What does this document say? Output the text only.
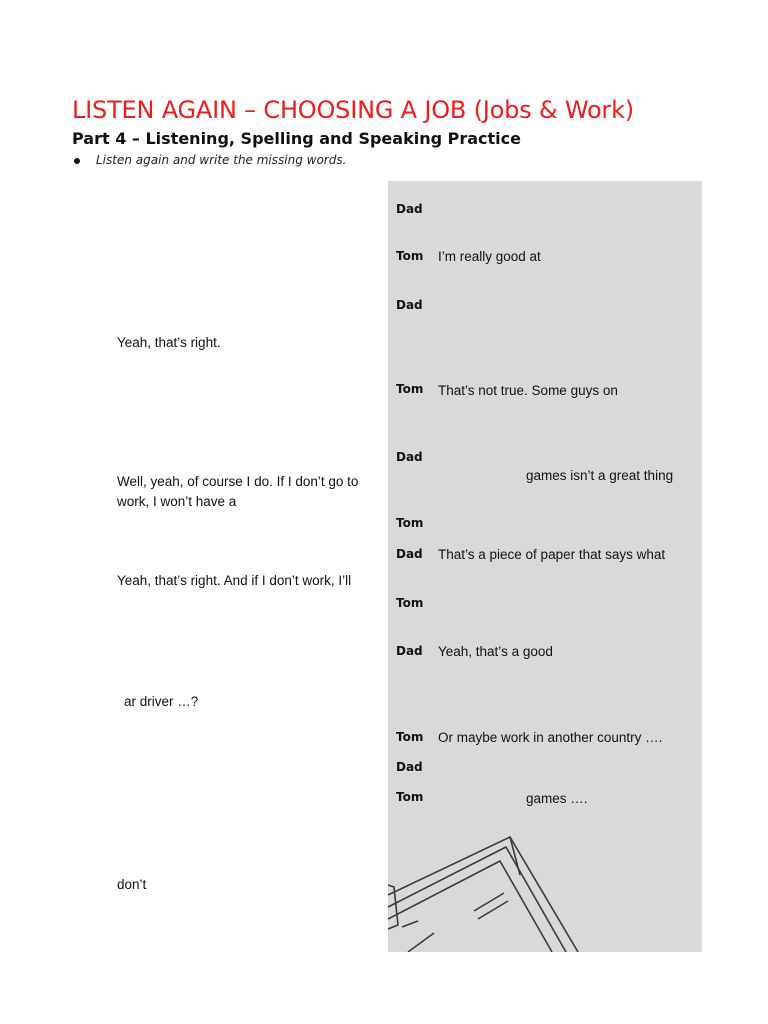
LISTEN AGAIN – CHOOSING A JOB (Jobs & Work)
Part 4 – Listening, Spelling and Speaking Practice
Listen again and write the missing words.
Yeah, that’s right.
Well, yeah, of course I do. If I don’t go to
work, I won’t have a
Yeah, that’s right. And if I don’t work, I’ll
ar driver …?
don’t
Dad
Tom
Dad
Tom
Dad
Tom
Dad
Tom
Dad
Tom
Dad
Tom
I’m really good at
That’s not true. Some guys on
games isn’t a great thing
That’s a piece of paper that says what
Yeah, that’s a good
Or maybe work in another country ….
games ….
